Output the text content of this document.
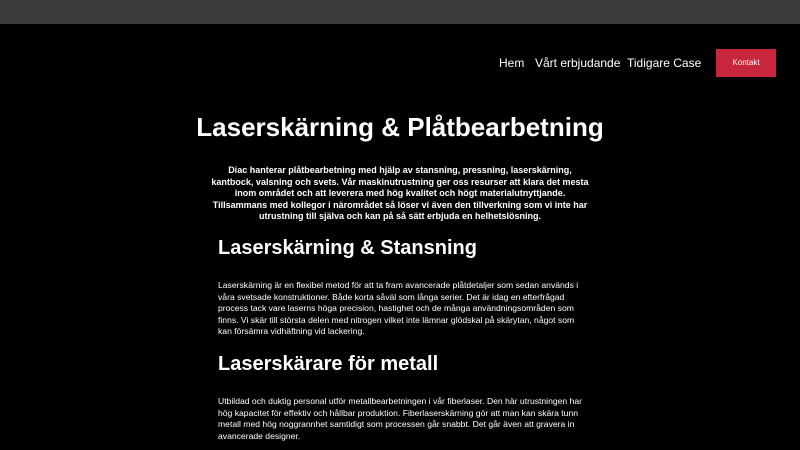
Hem Vårt erbjudande Tidigare Case	Kontakt
Laserskärning & Plåtbearbetning

Diac hanterar plåtbearbetning med hjälp av stansning, pressning, laserskärning, kantbock, valsning och svets. Vår maskinutrustning ger oss resurser att klara det mesta inom området och att leverera med hög kvalitet och högt materialutnyttjande. Tillsammans med kollegor i närområdet så löser vi även den tillverkning som vi inte har utrustning till själva och kan på så sätt erbjuda en helhetslösning.

Laserskärning & Stansning

Laserskärning är en flexibel metod för att ta fram avancerade plåtdetaljer som sedan används i våra svetsade konstruktioner. Både korta såväl som långa serier. Det är idag en efterfrågad process tack vare laserns höga precision, hastighet och de många användningsområden som finns. Vi skär till största delen med nitrogen vilket inte lämnar glödskal på skärytan, något som kan försämra vidhäftning vid lackering.

Laserskärare för metall

Utbildad och duktig personal utför metallbearbetningen i vår fiberlaser. Den här utrustningen har hög kapacitet för effektiv och hållbar produktion. Fiberlaserskärning gör att man kan skära tunn metall med hög noggrannhet samtidigt som processen går snabbt. Det går även att gravera in avancerade designer.
